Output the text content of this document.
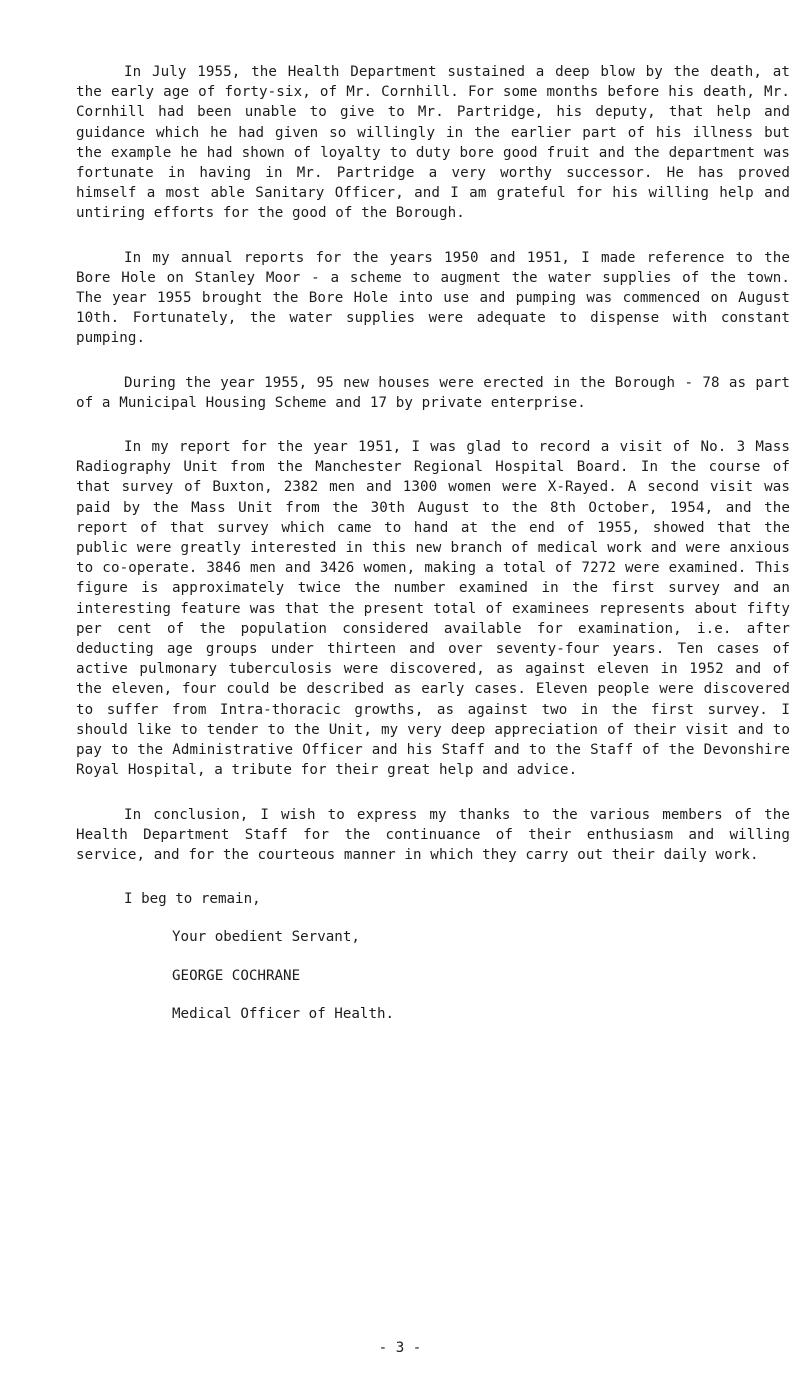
In July 1955, the Health Department sustained a deep blow by the death, at the early age of forty-six, of Mr. Cornhill. For some months before his death, Mr. Cornhill had been unable to give to Mr. Partridge, his deputy, that help and guidance which he had given so willingly in the earlier part of his illness but the example he had shown of loyalty to duty bore good fruit and the department was fortunate in having in Mr. Partridge a very worthy successor. He has proved himself a most able Sanitary Officer, and I am grateful for his willing help and untiring efforts for the good of the Borough.

In my annual reports for the years 1950 and 1951, I made reference to the Bore Hole on Stanley Moor - a scheme to augment the water supplies of the town. The year 1955 brought the Bore Hole into use and pumping was commenced on August 10th. Fortunately, the water supplies were adequate to dispense with constant pumping.

During the year 1955, 95 new houses were erected in the Borough - 78 as part of a Municipal Housing Scheme and 17 by private enterprise.

In my report for the year 1951, I was glad to record a visit of No. 3 Mass Radiography Unit from the Manchester Regional Hospital Board. In the course of that survey of Buxton, 2382 men and 1300 women were X-Rayed. A second visit was paid by the Mass Unit from the 30th August to the 8th October, 1954, and the report of that survey which came to hand at the end of 1955, showed that the public were greatly interested in this new branch of medical work and were anxious to co-operate. 3846 men and 3426 women, making a total of 7272 were examined. This figure is approximately twice the number examined in the first survey and an interesting feature was that the present total of examinees represents about fifty per cent of the population considered available for examination, i.e. after deducting age groups under thirteen and over seventy-four years. Ten cases of active pulmonary tuberculosis were discovered, as against eleven in 1952 and of the eleven, four could be described as early cases. Eleven people were discovered to suffer from Intra-thoracic growths, as against two in the first survey. I should like to tender to the Unit, my very deep appreciation of their visit and to pay to the Administrative Officer and his Staff and to the Staff of the Devonshire Royal Hospital, a tribute for their great help and advice.

In conclusion, I wish to express my thanks to the various members of the Health Department Staff for the continuance of their enthusiasm and willing service, and for the courteous manner in which they carry out their daily work.

I beg to remain,
Your obedient Servant,
GEORGE COCHRANE
Medical Officer of Health.
- 3 -
